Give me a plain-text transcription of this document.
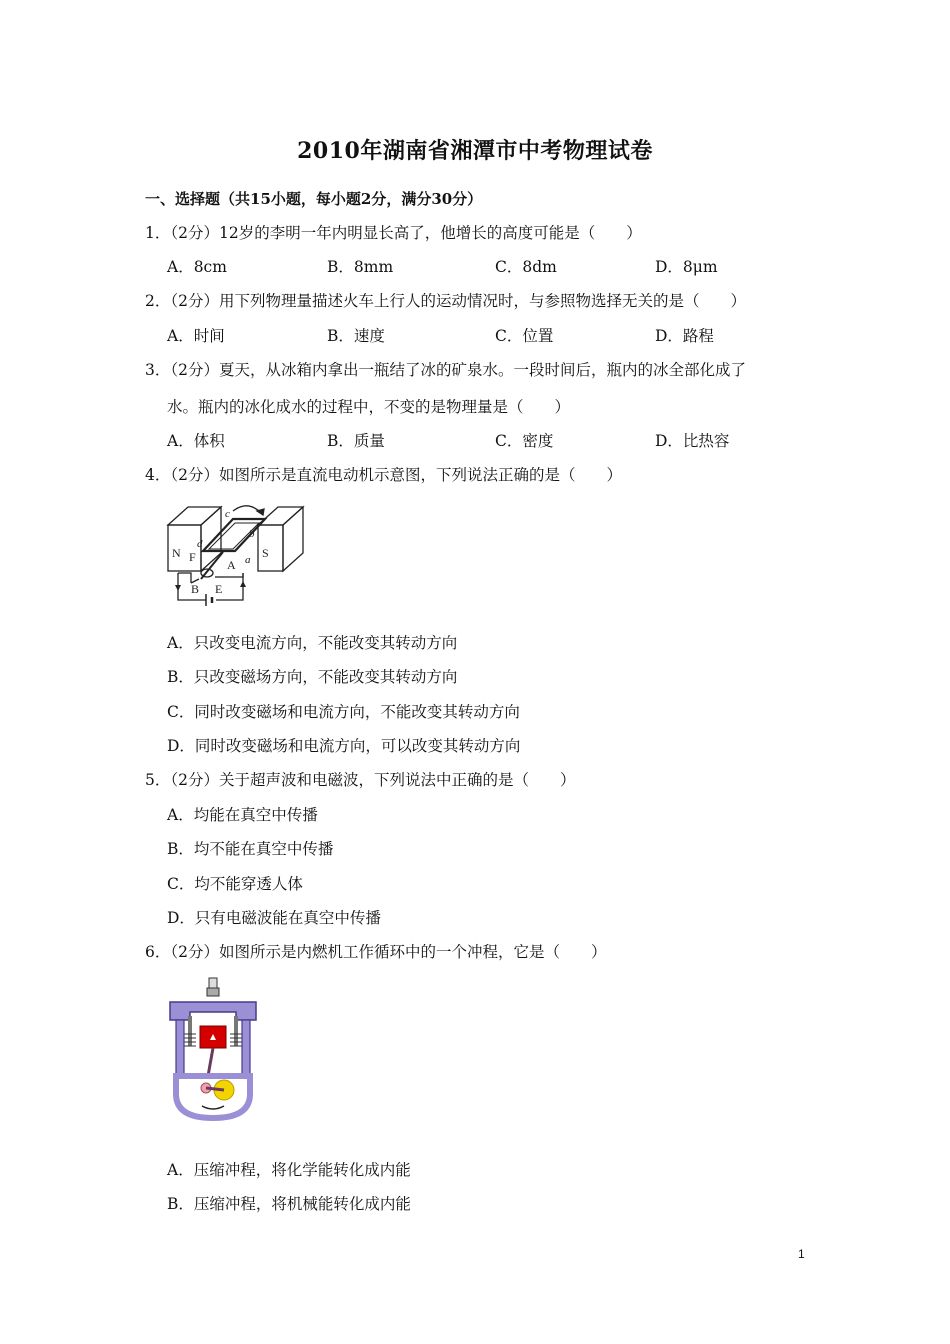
2010年湖南省湘潭市中考物理试卷
一、选择题（共15小题，每小题2分，满分30分）
1．（2分）12岁的李明一年内明显长高了，他增长的高度可能是（　　）
A．8cm	B．8mm	C．8dm	D．8μm
2．（2分）用下列物理量描述火车上行人的运动情况时，与参照物选择无关的是（　　）
A．时间	B．速度	C．位置	D．路程
3．（2分）夏天，从冰箱内拿出一瓶结了冰的矿泉水。一段时间后，瓶内的冰全部化成了
水。瓶内的冰化成水的过程中，不变的是物理量是（　　）
A．体积	B．质量	C．密度	D．比热容
4．（2分）如图所示是直流电动机示意图，下列说法正确的是（　　）
N	S
c
d
b
a
F
A
B E
A．只改变电流方向，不能改变其转动方向
B．只改变磁场方向，不能改变其转动方向
C．同时改变磁场和电流方向，不能改变其转动方向
D．同时改变磁场和电流方向，可以改变其转动方向
5．（2分）关于超声波和电磁波，下列说法中正确的是（　　）
A．均能在真空中传播
B．均不能在真空中传播
C．均不能穿透人体
D．只有电磁波能在真空中传播
6．（2分）如图所示是内燃机工作循环中的一个冲程，它是（　　）
A．压缩冲程，将化学能转化成内能
B．压缩冲程，将机械能转化成内能
1
